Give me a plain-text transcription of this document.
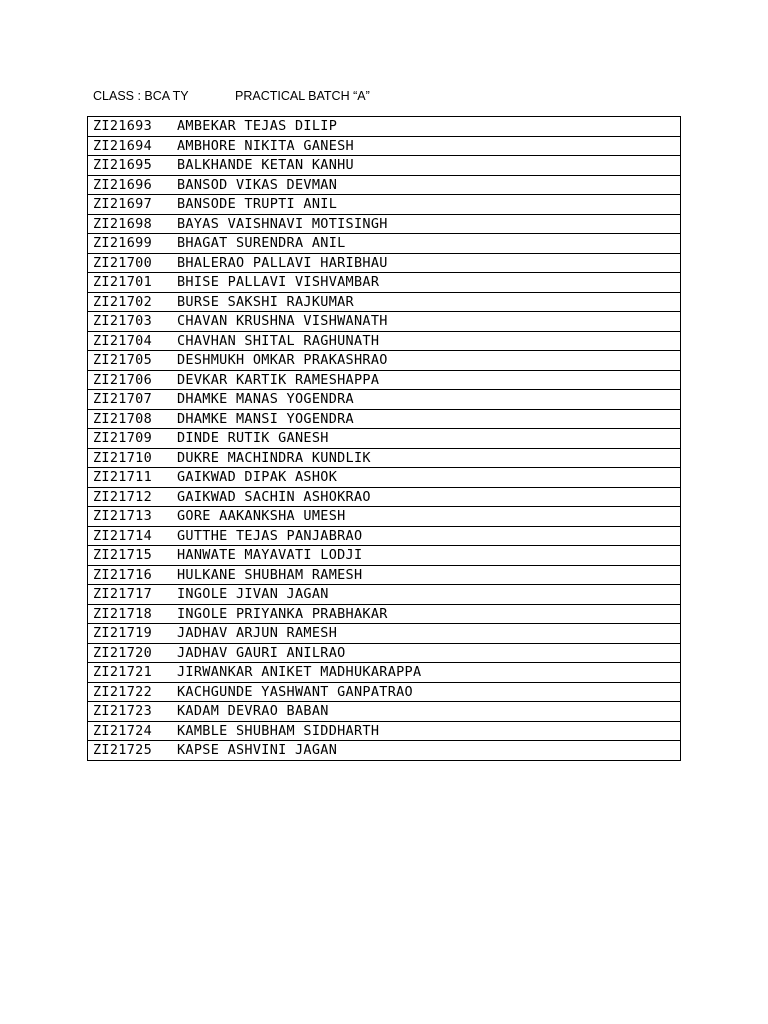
CLASS : BCA TY	PRACTICAL BATCH “A”
ZI21693	AMBEKAR TEJAS DILIP
ZI21694	AMBHORE NIKITA GANESH
ZI21695	BALKHANDE KETAN KANHU
ZI21696	BANSOD VIKAS DEVMAN
ZI21697	BANSODE TRUPTI ANIL
ZI21698	BAYAS VAISHNAVI MOTISINGH
ZI21699	BHAGAT SURENDRA ANIL
ZI21700	BHALERAO PALLAVI HARIBHAU
ZI21701	BHISE PALLAVI VISHVAMBAR
ZI21702	BURSE SAKSHI RAJKUMAR
ZI21703	CHAVAN KRUSHNA VISHWANATH
ZI21704	CHAVHAN SHITAL RAGHUNATH
ZI21705	DESHMUKH OMKAR PRAKASHRAO
ZI21706	DEVKAR KARTIK RAMESHAPPA
ZI21707	DHAMKE MANAS YOGENDRA
ZI21708	DHAMKE MANSI YOGENDRA
ZI21709	DINDE RUTIK GANESH
ZI21710	DUKRE MACHINDRA KUNDLIK
ZI21711	GAIKWAD DIPAK ASHOK
ZI21712	GAIKWAD SACHIN ASHOKRAO
ZI21713	GORE AAKANKSHA UMESH
ZI21714	GUTTHE TEJAS PANJABRAO
ZI21715	HANWATE MAYAVATI LODJI
ZI21716	HULKANE SHUBHAM RAMESH
ZI21717	INGOLE JIVAN JAGAN
ZI21718	INGOLE PRIYANKA PRABHAKAR
ZI21719	JADHAV ARJUN RAMESH
ZI21720	JADHAV GAURI ANILRAO
ZI21721	JIRWANKAR ANIKET MADHUKARAPPA
ZI21722	KACHGUNDE YASHWANT GANPATRAO
ZI21723	KADAM DEVRAO BABAN
ZI21724	KAMBLE SHUBHAM SIDDHARTH
ZI21725	KAPSE ASHVINI JAGAN
